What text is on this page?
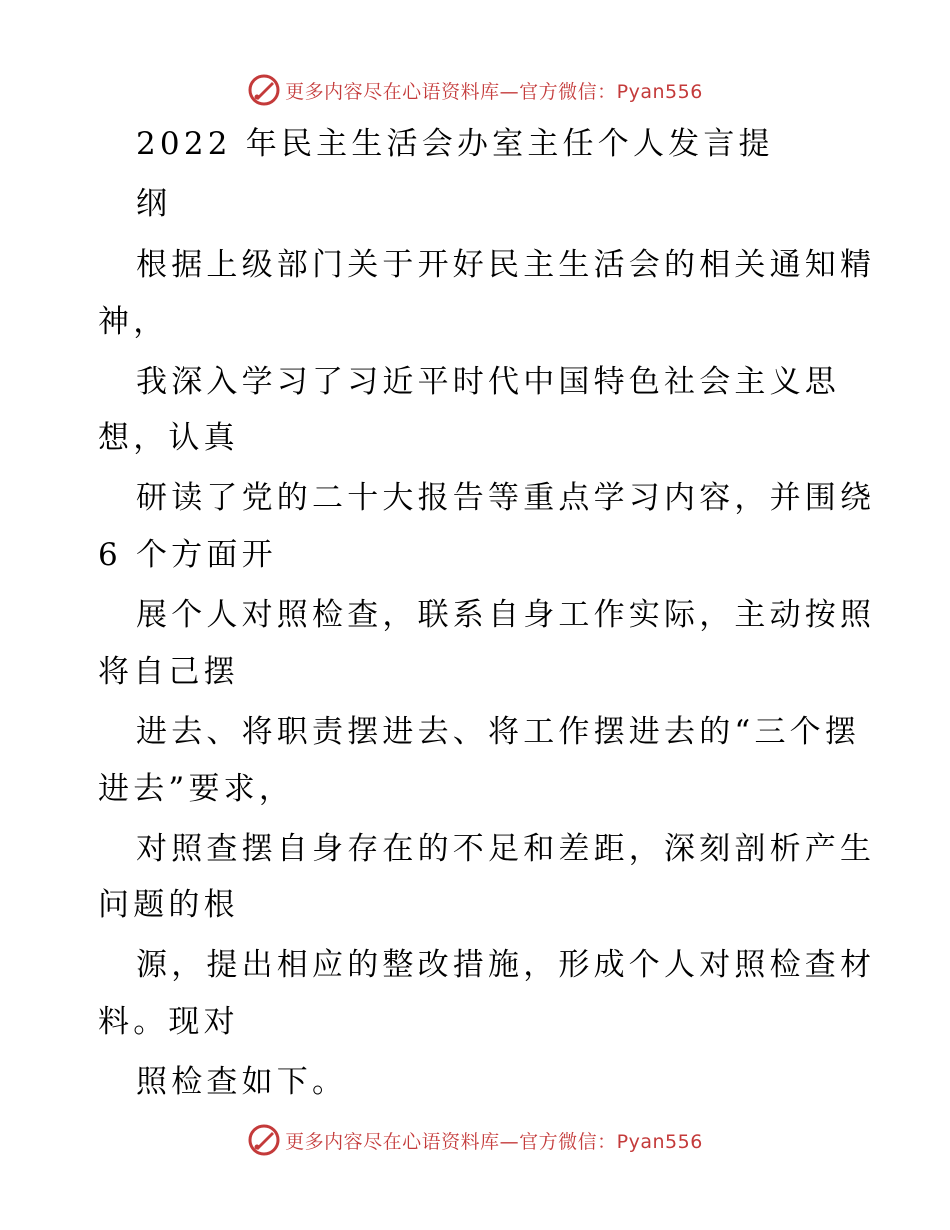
更多内容尽在心语资料库—官方微信：Pyan556
2022 年民主生活会办室主任个人发言提
纲
根据上级部门关于开好民主生活会的相关通知精
神，
我深入学习了习近平时代中国特色社会主义思
想，认真
研读了党的二十大报告等重点学习内容，并围绕
6 个方面开
展个人对照检查，联系自身工作实际，主动按照
将自己摆
进去、将职责摆进去、将工作摆进去的“三个摆
进去”要求，
对照查摆自身存在的不足和差距，深刻剖析产生
问题的根
源，提出相应的整改措施，形成个人对照检查材
料。现对
照检查如下。
更多内容尽在心语资料库—官方微信：Pyan556
